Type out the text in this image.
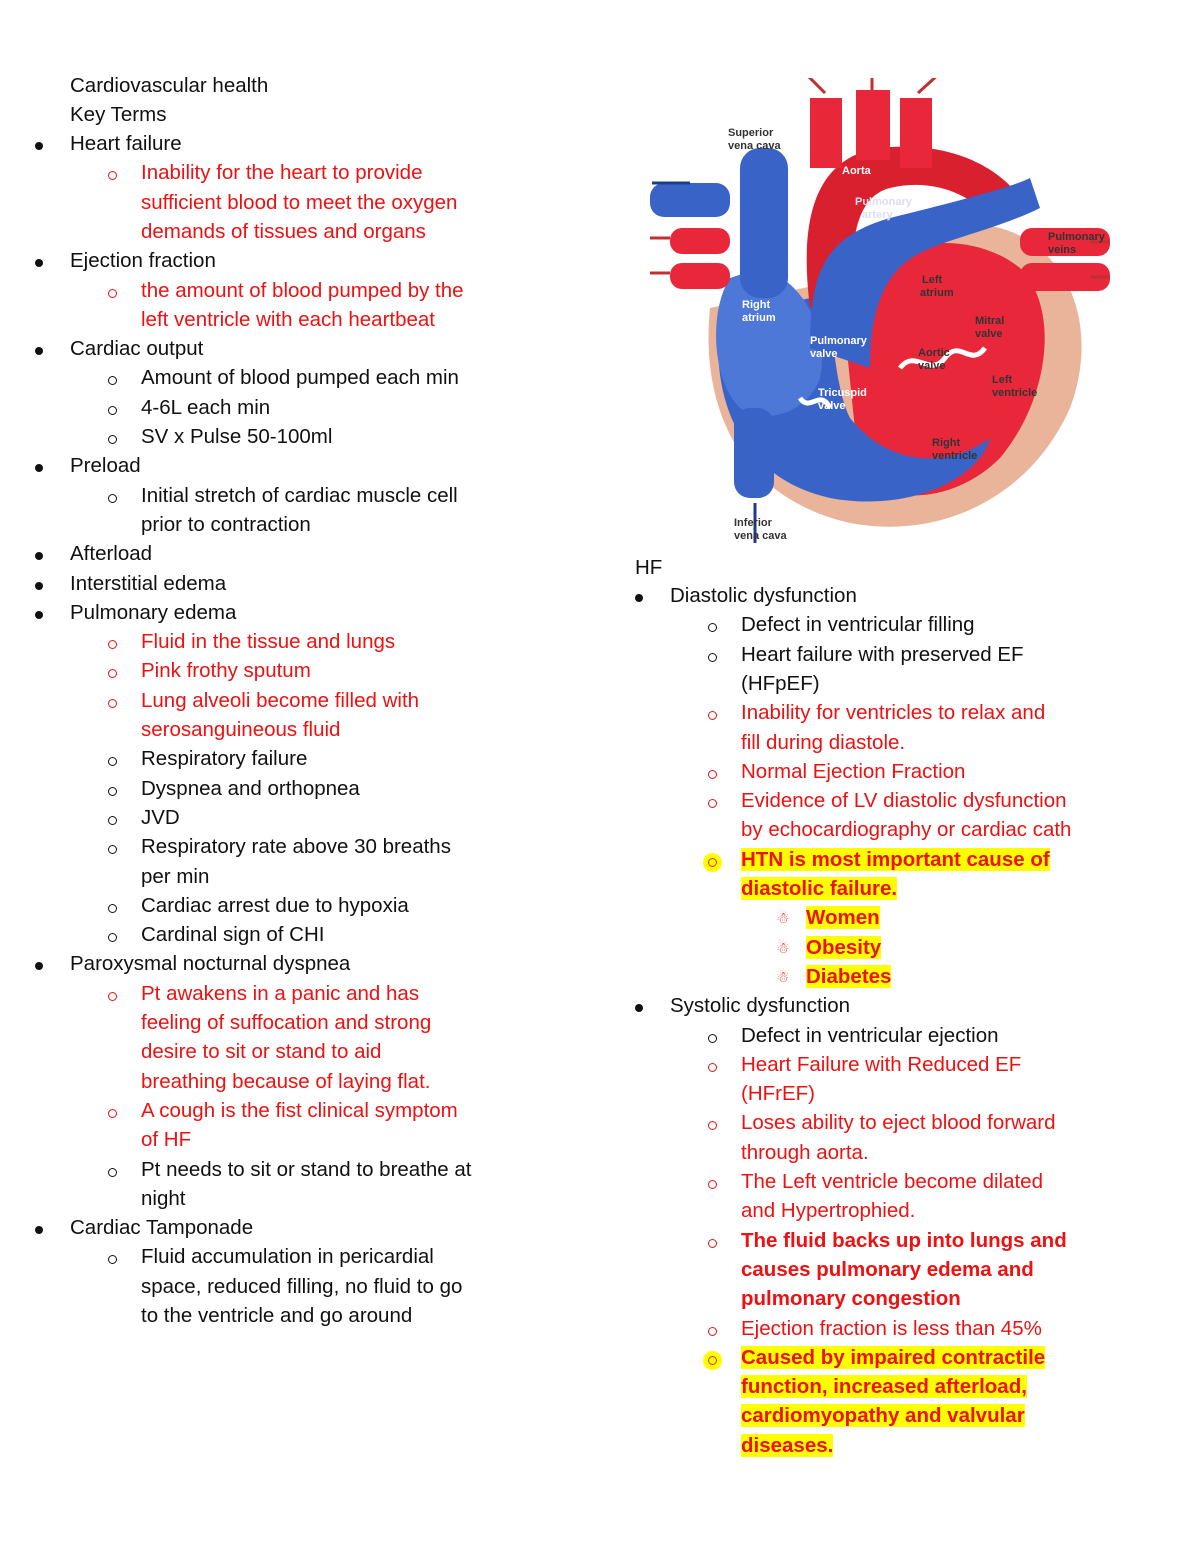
Cardiovascular health
Key Terms
Heart failure
Inability for the heart to provide
sufficient blood to meet the oxygen
demands of tissues and organs
Ejection fraction
the amount of blood pumped by the
left ventricle with each heartbeat
Cardiac output
Amount of blood pumped each min
4-6L each min
SV x Pulse 50-100ml
Preload
Initial stretch of cardiac muscle cell
prior to contraction
Afterload
Interstitial edema
Pulmonary edema
Fluid in the tissue and lungs
Pink frothy sputum
Lung alveoli become filled with
serosanguineous fluid
Respiratory failure
Dyspnea and orthopnea
JVD
Respiratory rate above 30 breaths
per min
Cardiac arrest due to hypoxia
Cardinal sign of CHI
Paroxysmal nocturnal dyspnea
Pt awakens in a panic and has
feeling of suffocation and strong
desire to sit or stand to aid
breathing because of laying flat.
A cough is the fist clinical symptom
of HF
Pt needs to sit or stand to breathe at
night
Cardiac Tamponade
Fluid accumulation in pericardial
space, reduced filling, no fluid to go
to the ventricle and go around
Superior
vena cava
Aorta
Pulmonary
artery
Pulmonary
veins
Left
atrium
Right
atrium	Mitral
valve
Pulmonary
valve	Aortic
valve
Left
ventricle
Tricuspid
valve
Right
ventricle
Inferior
vena cava
HF
Diastolic dysfunction
Defect in ventricular filling
Heart failure with preserved EF
(HFpEF)
Inability for ventricles to relax and
fill during diastole.
Normal Ejection Fraction
Evidence of LV diastolic dysfunction
by echocardiography or cardiac cath
HTN is most important cause of
diastolic failure.
☃ Women
☃ Obesity
☃ Diabetes
Systolic dysfunction
Defect in ventricular ejection
Heart Failure with Reduced EF
(HFrEF)
Loses ability to eject blood forward
through aorta.
The Left ventricle become dilated
and Hypertrophied.
The fluid backs up into lungs and
causes pulmonary edema and
pulmonary congestion
Ejection fraction is less than 45%
Caused by impaired contractile
function, increased afterload,
cardiomyopathy and valvular
diseases.
